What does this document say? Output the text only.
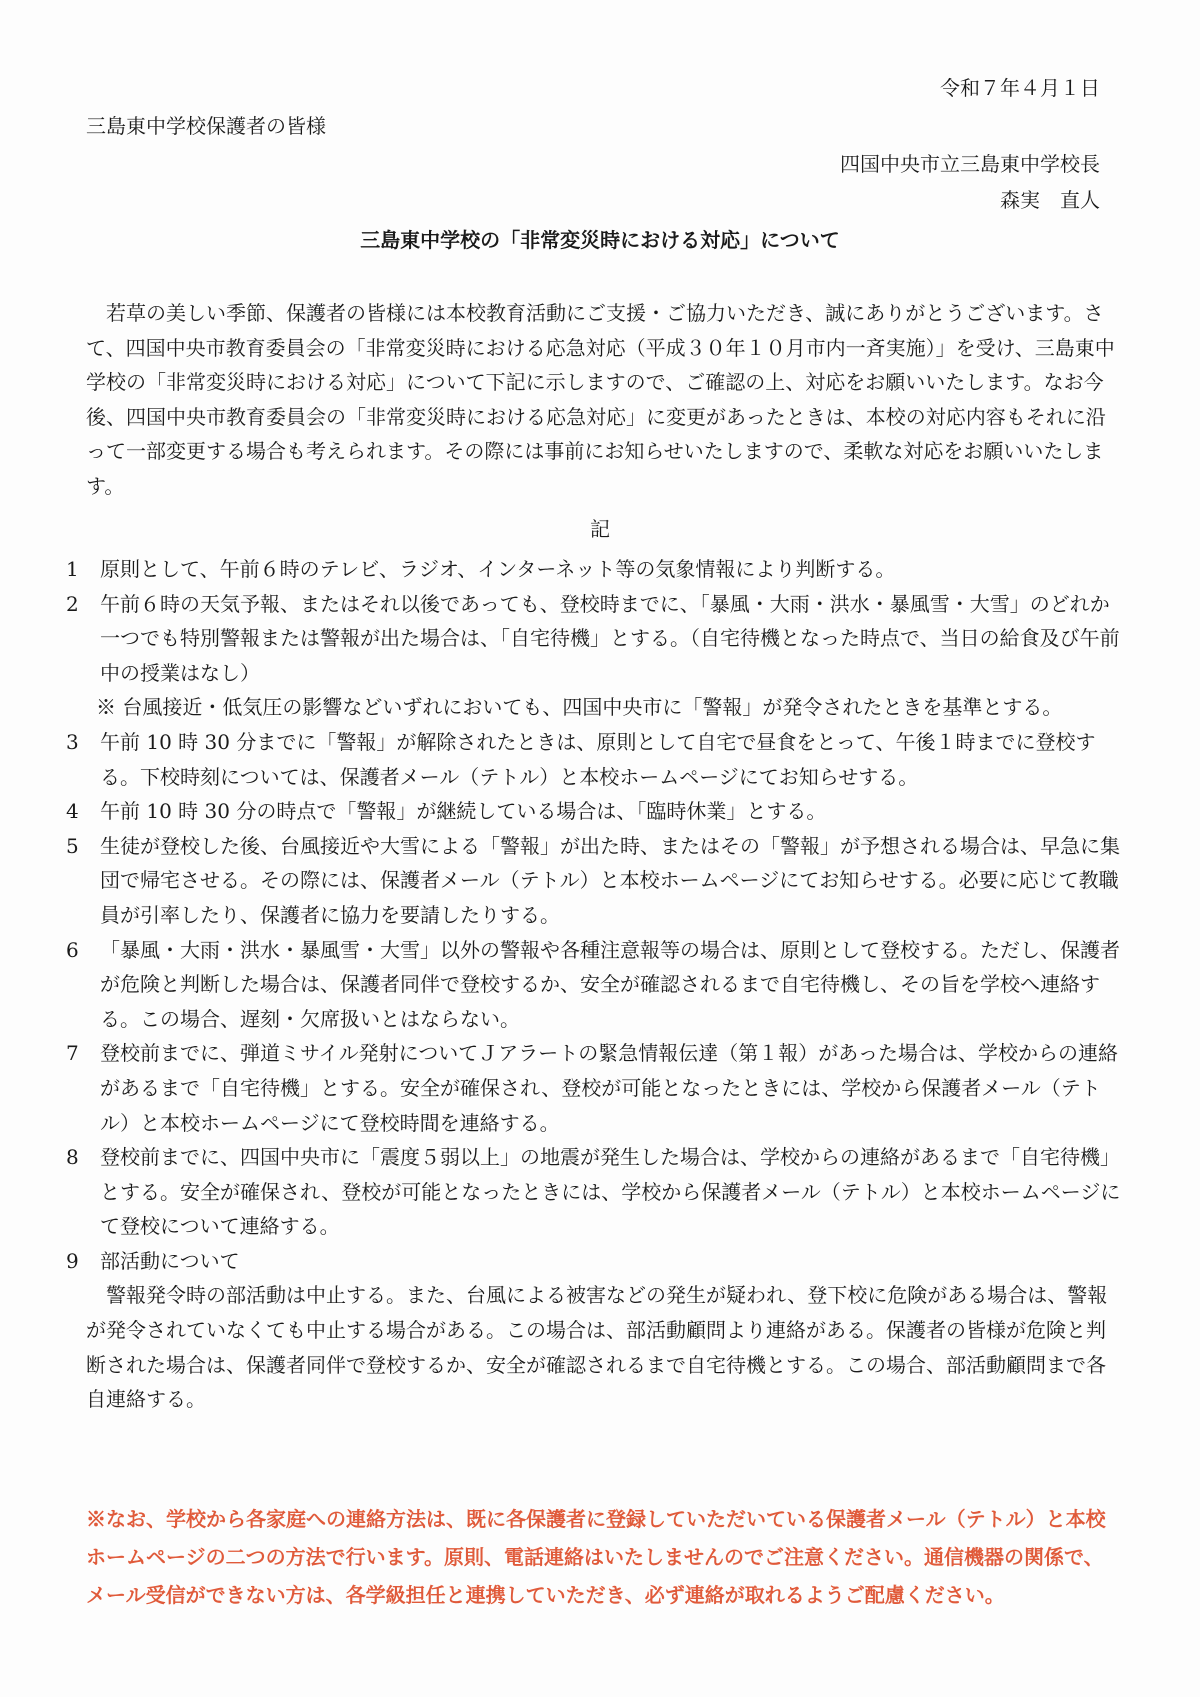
令和７年４月１日
三島東中学校保護者の皆様
四国中央市立三島東中学校長
森実　直人
三島東中学校の「非常変災時における対応」について

若草の美しい季節、保護者の皆様には本校教育活動にご支援・ご協力いただき、誠にありがとうございます。さて、四国中央市教育委員会の「非常変災時における応急対応（平成３０年１０月市内一斉実施）」を受け、三島東中学校の「非常変災時における対応」について下記に示しますので、ご確認の上、対応をお願いいたします。なお今後、四国中央市教育委員会の「非常変災時における応急対応」に変更があったときは、本校の対応内容もそれに沿って一部変更する場合も考えられます。その際には事前にお知らせいたしますので、柔軟な対応をお願いいたします。

記
1	原則として、午前６時のテレビ、ラジオ、インターネット等の気象情報により判断する。
2	午前６時の天気予報、またはそれ以後であっても、登校時までに、「暴風・大雨・洪水・暴風雪・大雪」のどれか一つでも特別警報または警報が出た場合は、「自宅待機」とする。（自宅待機となった時点で、当日の給食及び午前中の授業はなし）
※ 台風接近・低気圧の影響などいずれにおいても、四国中央市に「警報」が発令されたときを基準とする。
3	午前 10 時 30 分までに「警報」が解除されたときは、原則として自宅で昼食をとって、午後１時までに登校する。下校時刻については、保護者メール（テトル）と本校ホームページにてお知らせする。
4	午前 10 時 30 分の時点で「警報」が継続している場合は、「臨時休業」とする。
5	生徒が登校した後、台風接近や大雪による「警報」が出た時、またはその「警報」が予想される場合は、早急に集団で帰宅させる。その際には、保護者メール（テトル）と本校ホームページにてお知らせする。必要に応じて教職員が引率したり、保護者に協力を要請したりする。
6	「暴風・大雨・洪水・暴風雪・大雪」以外の警報や各種注意報等の場合は、原則として登校する。ただし、保護者が危険と判断した場合は、保護者同伴で登校するか、安全が確認されるまで自宅待機し、その旨を学校へ連絡する。この場合、遅刻・欠席扱いとはならない。
7	登校前までに、弾道ミサイル発射についてＪアラートの緊急情報伝達（第１報）があった場合は、学校からの連絡があるまで「自宅待機」とする。安全が確保され、登校が可能となったときには、学校から保護者メール（テトル）と本校ホームページにて登校時間を連絡する。
8	登校前までに、四国中央市に「震度５弱以上」の地震が発生した場合は、学校からの連絡があるまで「自宅待機」とする。安全が確保され、登校が可能となったときには、学校から保護者メール（テトル）と本校ホームページにて登校について連絡する。
9	部活動について
警報発令時の部活動は中止する。また、台風による被害などの発生が疑われ、登下校に危険がある場合は、警報が発令されていなくても中止する場合がある。この場合は、部活動顧問より連絡がある。保護者の皆様が危険と判断された場合は、保護者同伴で登校するか、安全が確認されるまで自宅待機とする。この場合、部活動顧問まで各自連絡する。
※なお、学校から各家庭への連絡方法は、既に各保護者に登録していただいている保護者メール（テトル）と本校ホームページの二つの方法で行います。原則、電話連絡はいたしませんのでご注意ください。通信機器の関係で、メール受信ができない方は、各学級担任と連携していただき、必ず連絡が取れるようご配慮ください。
